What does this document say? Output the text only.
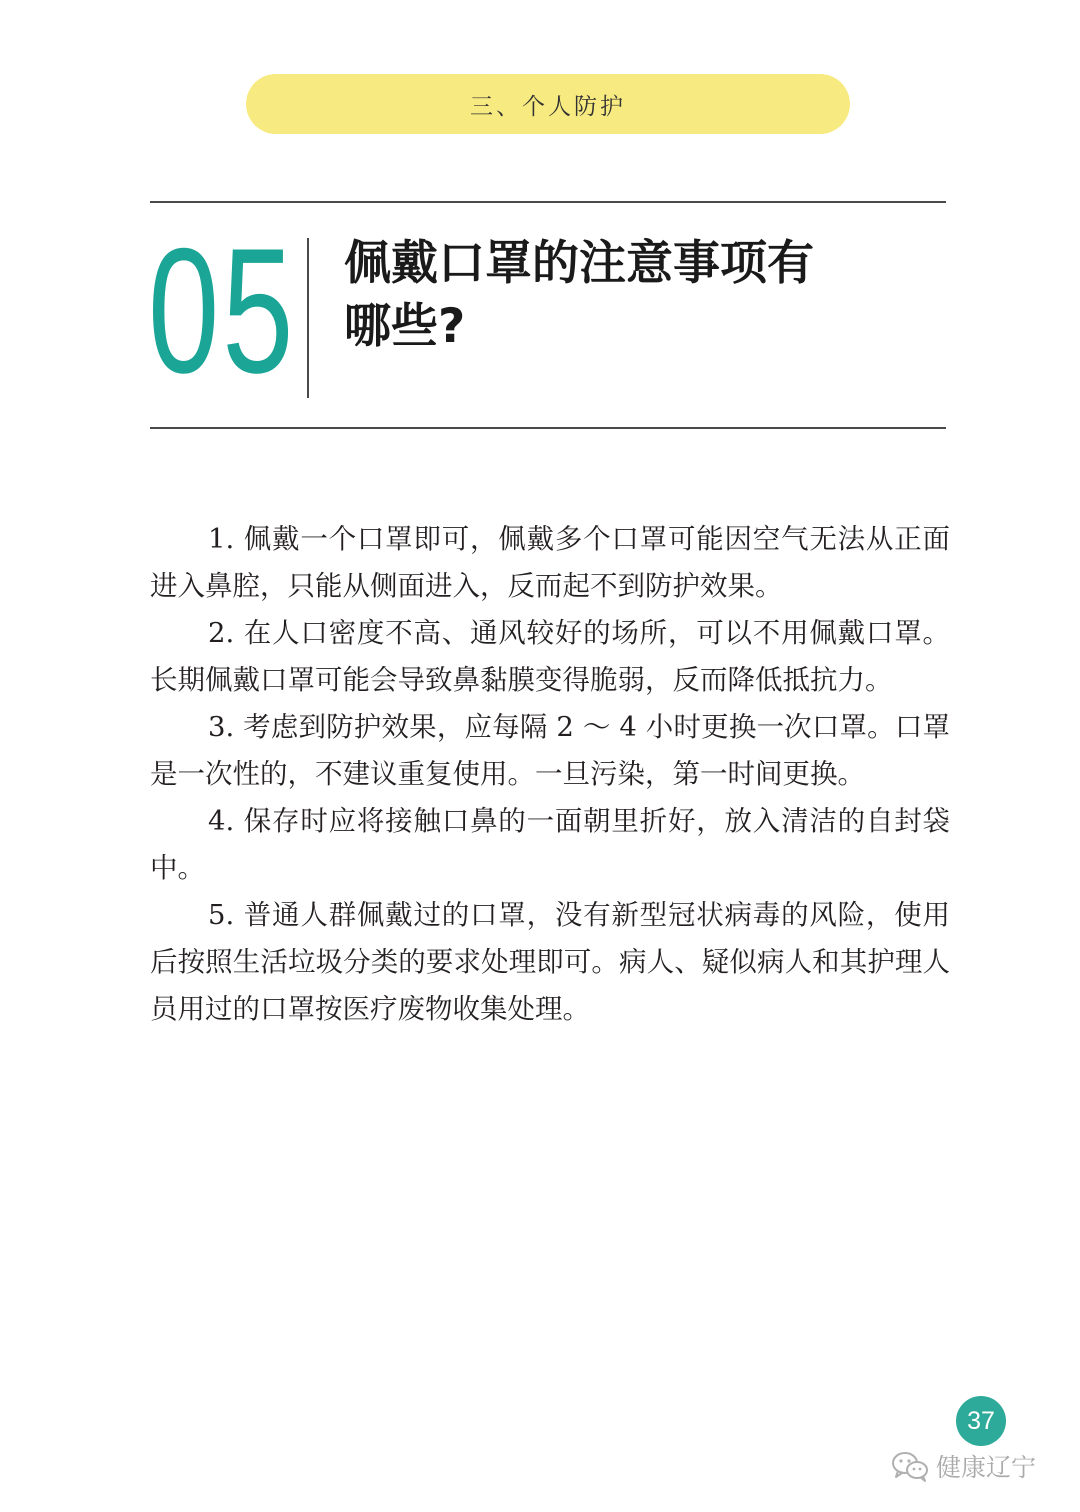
三、个人防护
05 佩戴口罩的注意事项有
哪些?

1. 佩戴一个口罩即可，佩戴多个口罩可能因空气无法从正面进入鼻腔，只能从侧面进入，反而起不到防护效果。

2. 在人口密度不高、通风较好的场所，可以不用佩戴口罩。长期佩戴口罩可能会导致鼻黏膜变得脆弱，反而降低抵抗力。

3. 考虑到防护效果，应每隔 2 ～ 4 小时更换一次口罩。口罩是一次性的，不建议重复使用。一旦污染，第一时间更换。

4. 保存时应将接触口鼻的一面朝里折好，放入清洁的自封袋中。

5. 普通人群佩戴过的口罩，没有新型冠状病毒的风险，使用后按照生活垃圾分类的要求处理即可。病人、疑似病人和其护理人员用过的口罩按医疗废物收集处理。

37
健康辽宁
